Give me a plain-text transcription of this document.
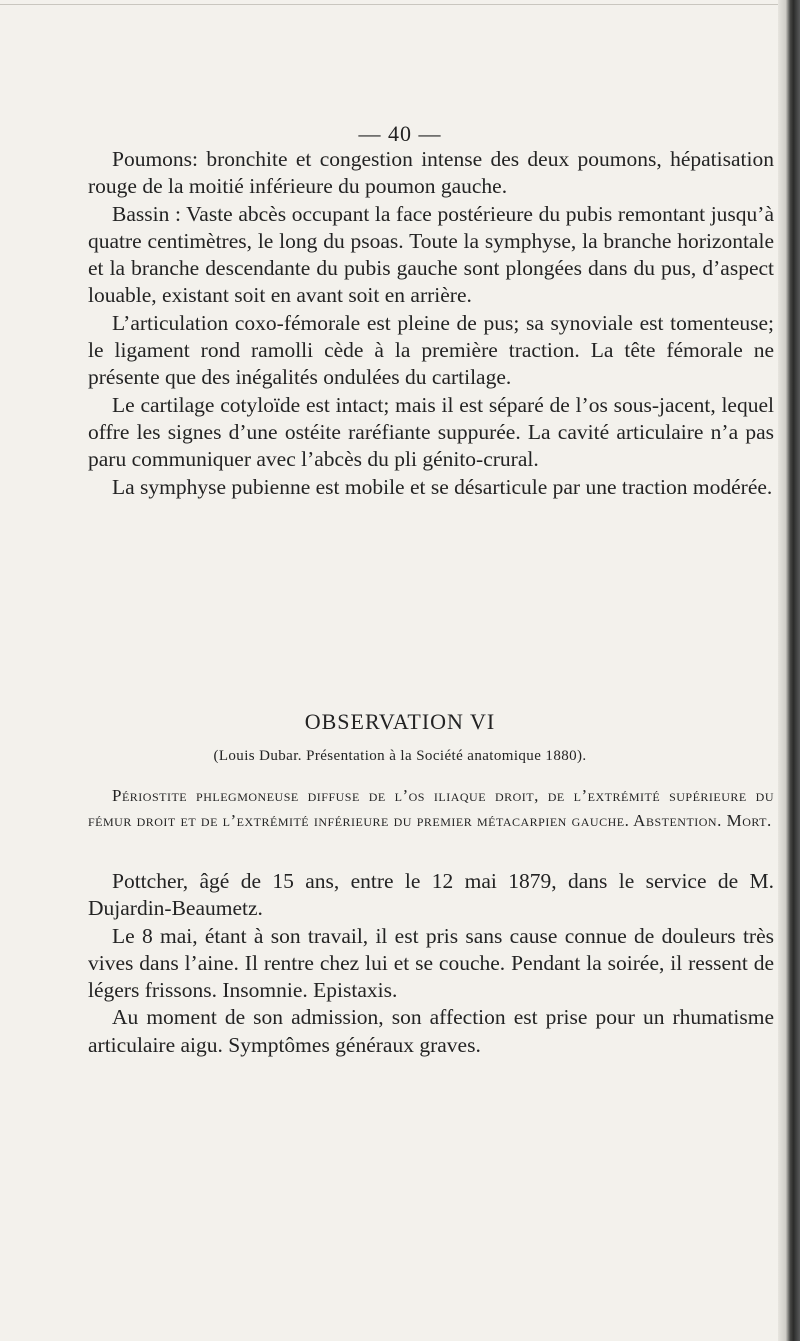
— 40 —

Poumons: bronchite et congestion intense des deux poumons, hépatisation rouge de la moitié inférieure du poumon gauche.

Bassin : Vaste abcès occupant la face postérieure du pubis remontant jusqu’à quatre centimètres, le long du psoas. Toute la symphyse, la branche horizontale et la branche descendante du pubis gauche sont plongées dans du pus, d’aspect louable, existant soit en avant soit en arrière.

L’articulation coxo-fémorale est pleine de pus; sa synoviale est tomenteuse; le ligament rond ramolli cède à la première traction. La tête fémorale ne présente que des inégalités ondulées du cartilage.

Le cartilage cotyloïde est intact; mais il est séparé de l’os sous-jacent, lequel offre les signes d’une ostéite raréfiante suppurée. La cavité articulaire n’a pas paru communiquer avec l’abcès du pli génito-crural.

La symphyse pubienne est mobile et se désarticule par une traction modérée.

OBSERVATION VI
(Louis Dubar. Présentation à la Société anatomique 1880).
Périostite phlegmoneuse diffuse de l’os iliaque droit, de l’extrémité supérieure du fémur droit et de l’extrémité inférieure du premier métacarpien gauche. Abstention. Mort.

Pottcher, âgé de 15 ans, entre le 12 mai 1879, dans le service de M. Dujardin-Beaumetz.

Le 8 mai, étant à son travail, il est pris sans cause connue de douleurs très vives dans l’aine. Il rentre chez lui et se couche. Pendant la soirée, il ressent de légers frissons. Insomnie. Epistaxis.

Au moment de son admission, son affection est prise pour un rhumatisme articulaire aigu. Symptômes généraux graves.
